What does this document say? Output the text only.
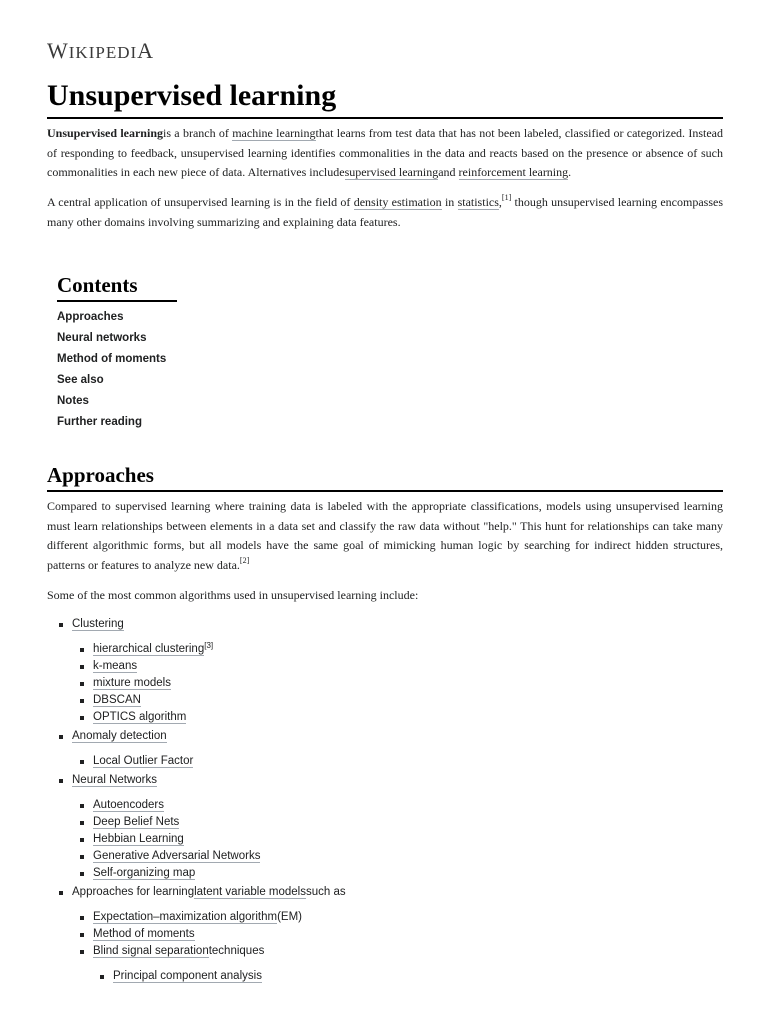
WIKIPEDIA
Unsupervised learning

Unsupervised learningis a branch of machine learningthat learns from test data that has not been labeled, classified or categorized. Instead of responding to feedback, unsupervised learning identifies commonalities in the data and reacts based on the presence or absence of such commonalities in each new piece of data. Alternatives includesupervised learningand reinforcement learning.

A central application of unsupervised learning is in the field of density estimation in statistics,[1] though unsupervised learning encompasses many other domains involving summarizing and explaining data features.

Contents
Approaches
Neural networks
Method of moments
See also
Notes
Further reading
Approaches

Compared to supervised learning where training data is labeled with the appropriate classifications, models using unsupervised learning must learn relationships between elements in a data set and classify the raw data without "help." This hunt for relationships can take many different algorithmic forms, but all models have the same goal of mimicking human logic by searching for indirect hidden structures, patterns or features to analyze new data.[2]

Some of the most common algorithms used in unsupervised learning include:

Clustering
hierarchical clustering[3]
k-means
mixture models
DBSCAN
OPTICS algorithm
Anomaly detection
Local Outlier Factor
Neural Networks
Autoencoders
Deep Belief Nets
Hebbian Learning
Generative Adversarial Networks
Self-organizing map
Approaches for learninglatent variable modelssuch as
Expectation–maximization algorithm(EM)
Method of moments
Blind signal separationtechniques
Principal component analysis
